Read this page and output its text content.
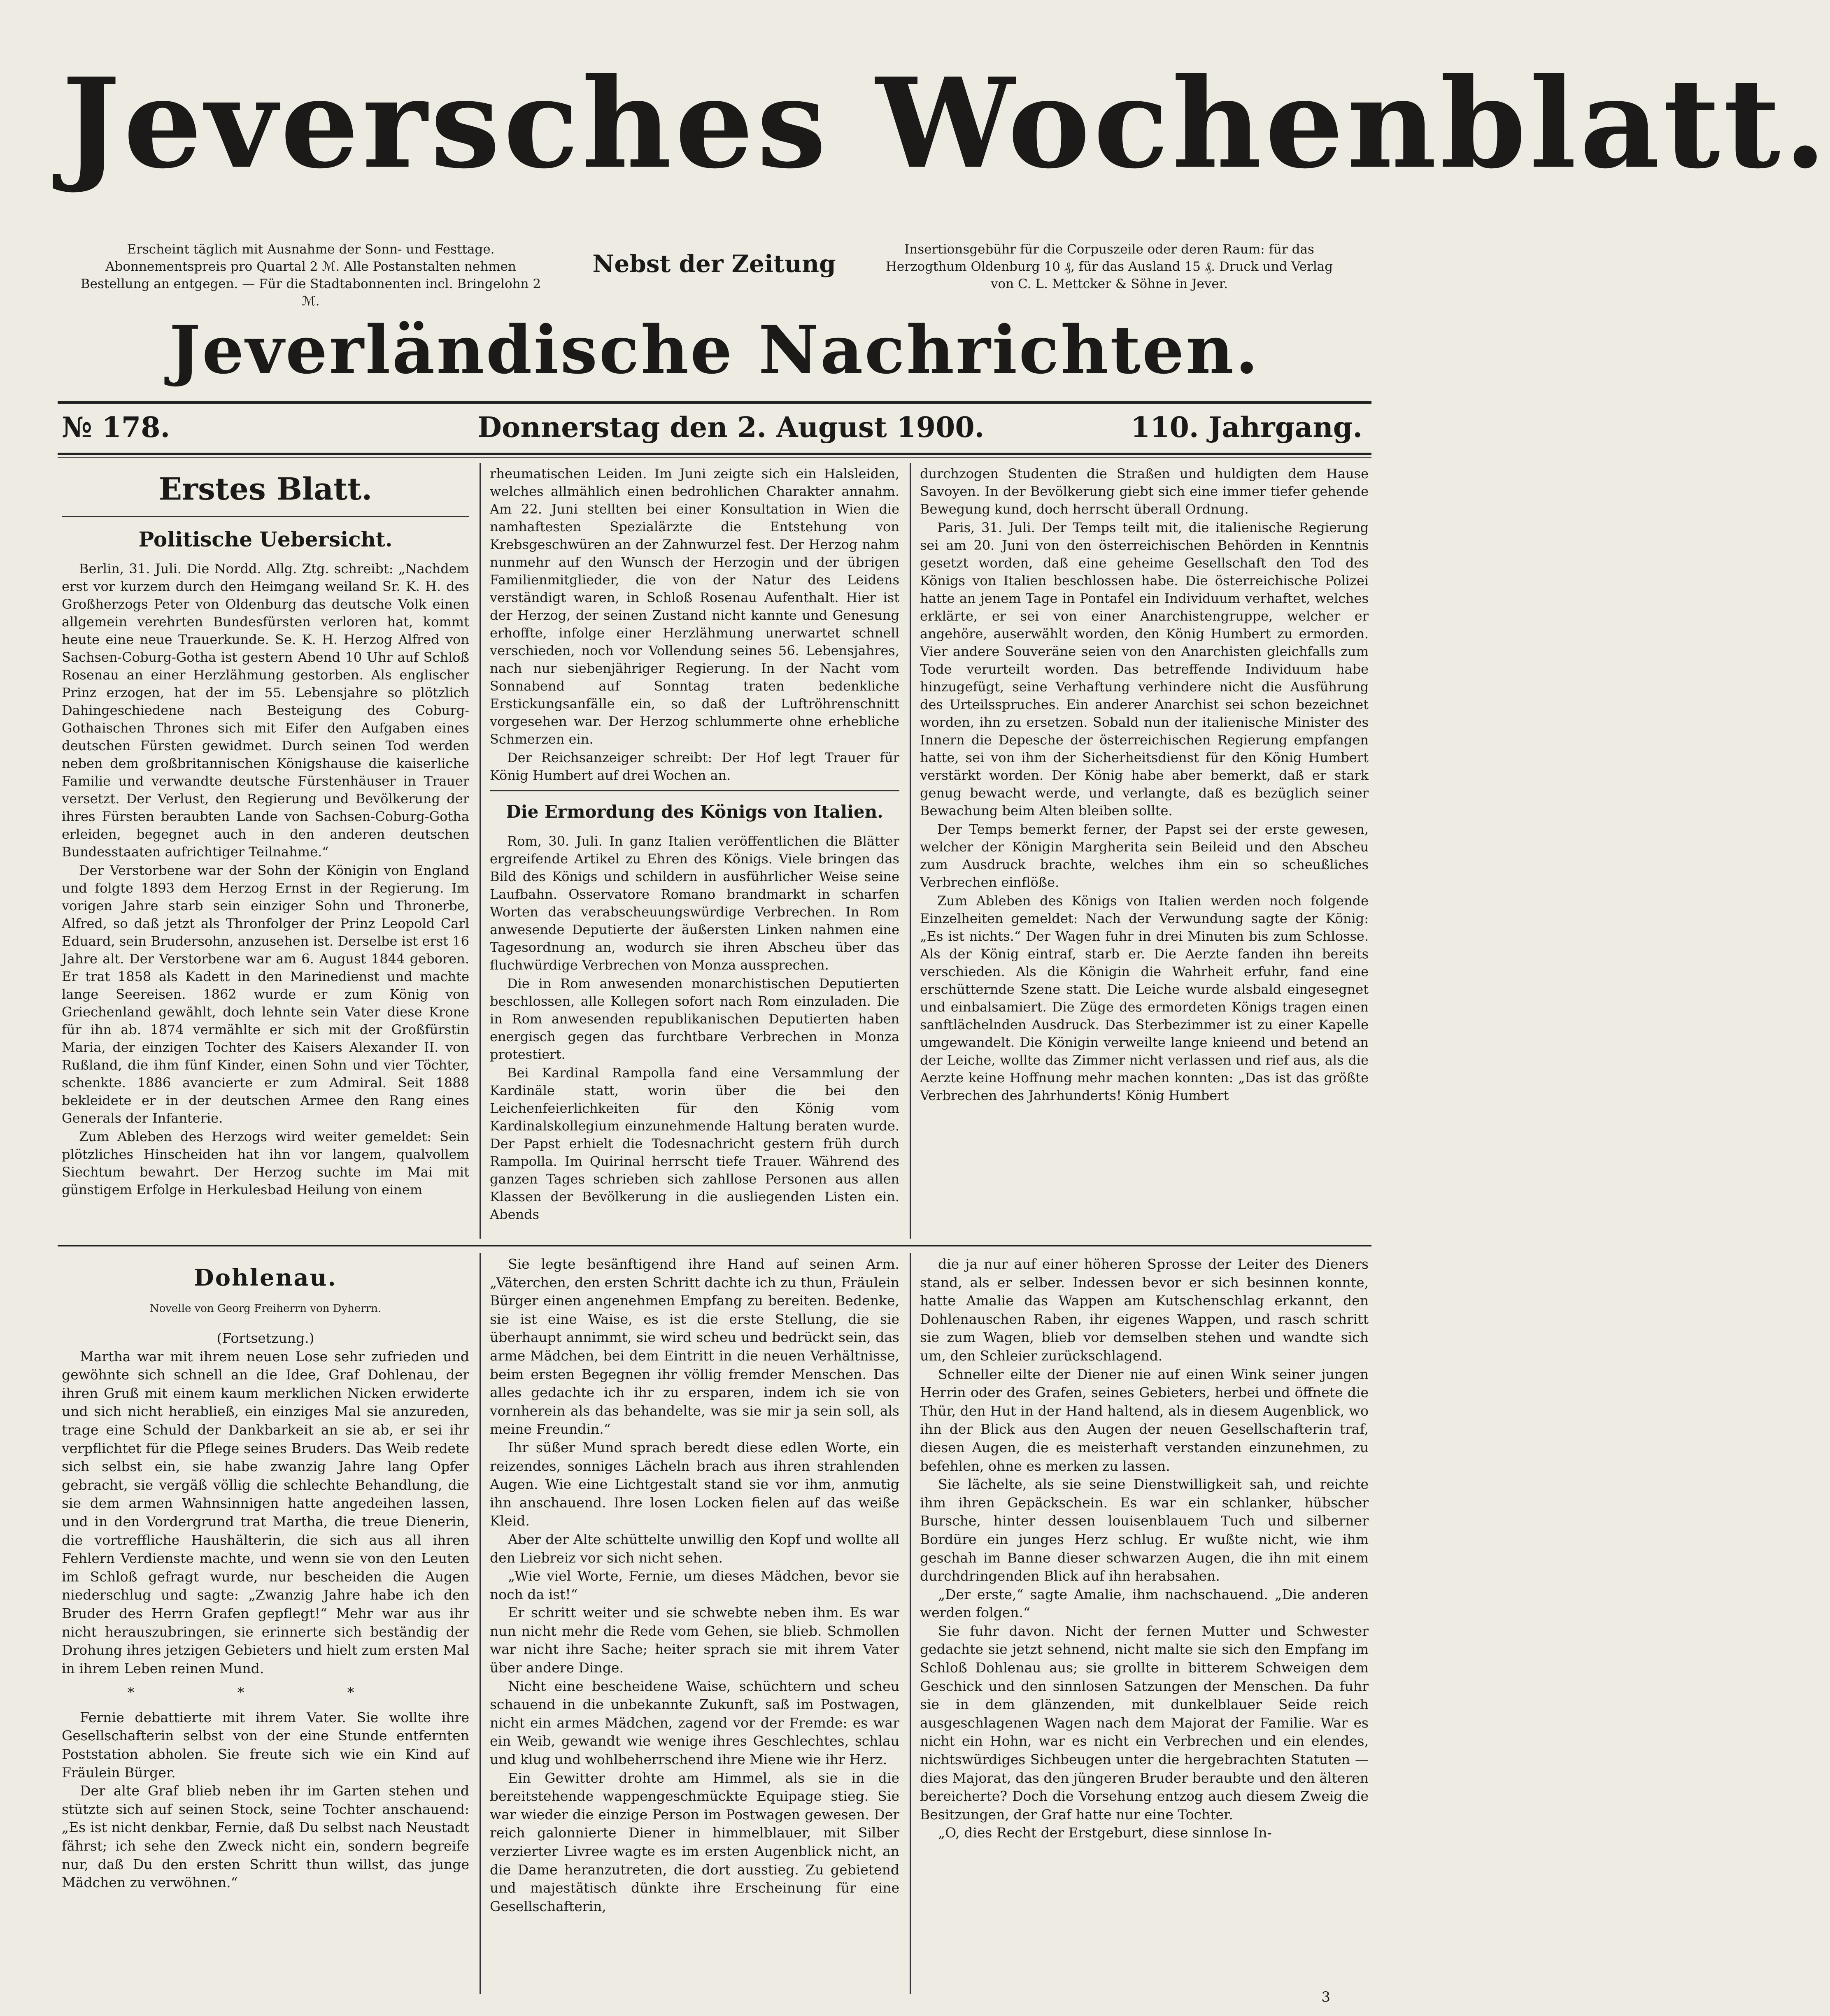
Jeversches Wochenblatt.
Erscheint täglich mit Ausnahme der Sonn- und Festtage. Abonnementspreis pro Quartal 2 ℳ. Alle Postanstalten nehmen Bestellung an entgegen. — Für die Stadtabonnenten incl. Bringelohn 2 ℳ.
Nebst der Zeitung
Insertionsgebühr für die Corpuszeile oder deren Raum: für das Herzogthum Oldenburg 10 ₰, für das Ausland 15 ₰. Druck und Verlag von C. L. Mettcker & Söhne in Jever.
Jeverländische Nachrichten.
№ 178.	Donnerstag den 2. August 1900.	110. Jahrgang.
Erstes Blatt.
Politische Uebersicht.

Berlin, 31. Juli. Die Nordd. Allg. Ztg. schreibt: „Nachdem erst vor kurzem durch den Heimgang weiland Sr. K. H. des Großherzogs Peter von Oldenburg das deutsche Volk einen allgemein verehrten Bundesfürsten verloren hat, kommt heute eine neue Trauerkunde. Se. K. H. Herzog Alfred von Sachsen-Coburg-Gotha ist gestern Abend 10 Uhr auf Schloß Rosenau an einer Herzlähmung gestorben. Als englischer Prinz erzogen, hat der im 55. Lebensjahre so plötzlich Dahingeschiedene nach Besteigung des Coburg-Gothaischen Thrones sich mit Eifer den Aufgaben eines deutschen Fürsten gewidmet. Durch seinen Tod werden neben dem großbritannischen Königshause die kaiserliche Familie und verwandte deutsche Fürstenhäuser in Trauer versetzt. Der Verlust, den Regierung und Bevölkerung der ihres Fürsten beraubten Lande von Sachsen-Coburg-Gotha erleiden, begegnet auch in den anderen deutschen Bundesstaaten aufrichtiger Teilnahme.“

Der Verstorbene war der Sohn der Königin von England und folgte 1893 dem Herzog Ernst in der Regierung. Im vorigen Jahre starb sein einziger Sohn und Thronerbe, Alfred, so daß jetzt als Thronfolger der Prinz Leopold Carl Eduard, sein Brudersohn, anzusehen ist. Derselbe ist erst 16 Jahre alt. Der Verstorbene war am 6. August 1844 geboren. Er trat 1858 als Kadett in den Marinedienst und machte lange Seereisen. 1862 wurde er zum König von Griechenland gewählt, doch lehnte sein Vater diese Krone für ihn ab. 1874 vermählte er sich mit der Großfürstin Maria, der einzigen Tochter des Kaisers Alexander II. von Rußland, die ihm fünf Kinder, einen Sohn und vier Töchter, schenkte. 1886 avancierte er zum Admiral. Seit 1888 bekleidete er in der deutschen Armee den Rang eines Generals der Infanterie.

Zum Ableben des Herzogs wird weiter gemeldet: Sein plötzliches Hinscheiden hat ihn vor langem, qualvollem Siechtum bewahrt. Der Herzog suchte im Mai mit günstigem Erfolge in Herkulesbad Heilung von einem

rheumatischen Leiden. Im Juni zeigte sich ein Halsleiden, welches allmählich einen bedrohlichen Charakter annahm. Am 22. Juni stellten bei einer Konsultation in Wien die namhaftesten Spezialärzte die Entstehung von Krebsgeschwüren an der Zahnwurzel fest. Der Herzog nahm nunmehr auf den Wunsch der Herzogin und der übrigen Familienmitglieder, die von der Natur des Leidens verständigt waren, in Schloß Rosenau Aufenthalt. Hier ist der Herzog, der seinen Zustand nicht kannte und Genesung erhoffte, infolge einer Herzlähmung unerwartet schnell verschieden, noch vor Vollendung seines 56. Lebensjahres, nach nur siebenjähriger Regierung. In der Nacht vom Sonnabend auf Sonntag traten bedenkliche Erstickungsanfälle ein, so daß der Luftröhrenschnitt vorgesehen war. Der Herzog schlummerte ohne erhebliche Schmerzen ein.

Der Reichsanzeiger schreibt: Der Hof legt Trauer für König Humbert auf drei Wochen an.

Die Ermordung des Königs von Italien.

Rom, 30. Juli. In ganz Italien veröffentlichen die Blätter ergreifende Artikel zu Ehren des Königs. Viele bringen das Bild des Königs und schildern in ausführlicher Weise seine Laufbahn. Osservatore Romano brandmarkt in scharfen Worten das verabscheuungswürdige Verbrechen. In Rom anwesende Deputierte der äußersten Linken nahmen eine Tagesordnung an, wodurch sie ihren Abscheu über das fluchwürdige Verbrechen von Monza aussprechen.

Die in Rom anwesenden monarchistischen Deputierten beschlossen, alle Kollegen sofort nach Rom einzuladen. Die in Rom anwesenden republikanischen Deputierten haben energisch gegen das furchtbare Verbrechen in Monza protestiert.

Bei Kardinal Rampolla fand eine Versammlung der Kardinäle statt, worin über die bei den Leichenfeierlichkeiten für den König vom Kardinalskollegium einzunehmende Haltung beraten wurde. Der Papst erhielt die Todesnachricht gestern früh durch Rampolla. Im Quirinal herrscht tiefe Trauer. Während des ganzen Tages schrieben sich zahllose Personen aus allen Klassen der Bevölkerung in die ausliegenden Listen ein. Abends

durchzogen Studenten die Straßen und huldigten dem Hause Savoyen. In der Bevölkerung giebt sich eine immer tiefer gehende Bewegung kund, doch herrscht überall Ordnung.

Paris, 31. Juli. Der Temps teilt mit, die italienische Regierung sei am 20. Juni von den österreichischen Behörden in Kenntnis gesetzt worden, daß eine geheime Gesellschaft den Tod des Königs von Italien beschlossen habe. Die österreichische Polizei hatte an jenem Tage in Pontafel ein Individuum verhaftet, welches erklärte, er sei von einer Anarchistengruppe, welcher er angehöre, auserwählt worden, den König Humbert zu ermorden. Vier andere Souveräne seien von den Anarchisten gleichfalls zum Tode verurteilt worden. Das betreffende Individuum habe hinzugefügt, seine Verhaftung verhindere nicht die Ausführung des Urteilsspruches. Ein anderer Anarchist sei schon bezeichnet worden, ihn zu ersetzen. Sobald nun der italienische Minister des Innern die Depesche der österreichischen Regierung empfangen hatte, sei von ihm der Sicherheitsdienst für den König Humbert verstärkt worden. Der König habe aber bemerkt, daß er stark genug bewacht werde, und verlangte, daß es bezüglich seiner Bewachung beim Alten bleiben sollte.

Der Temps bemerkt ferner, der Papst sei der erste gewesen, welcher der Königin Margherita sein Beileid und den Abscheu zum Ausdruck brachte, welches ihm ein so scheußliches Verbrechen einflöße.

Zum Ableben des Königs von Italien werden noch folgende Einzelheiten gemeldet: Nach der Verwundung sagte der König: „Es ist nichts.“ Der Wagen fuhr in drei Minuten bis zum Schlosse. Als der König eintraf, starb er. Die Aerzte fanden ihn bereits verschieden. Als die Königin die Wahrheit erfuhr, fand eine erschütternde Szene statt. Die Leiche wurde alsbald eingesegnet und einbalsamiert. Die Züge des ermordeten Königs tragen einen sanftlächelnden Ausdruck. Das Sterbezimmer ist zu einer Kapelle umgewandelt. Die Königin verweilte lange knieend und betend an der Leiche, wollte das Zimmer nicht verlassen und rief aus, als die Aerzte keine Hoffnung mehr machen konnten: „Das ist das größte Verbrechen des Jahrhunderts! König Humbert

Dohlenau.
Novelle von Georg Freiherrn von Dyherrn.
(Fortsetzung.)

Martha war mit ihrem neuen Lose sehr zufrieden und gewöhnte sich schnell an die Idee, Graf Dohlenau, der ihren Gruß mit einem kaum merklichen Nicken erwiderte und sich nicht herabließ, ein einziges Mal sie anzureden, trage eine Schuld der Dankbarkeit an sie ab, er sei ihr verpflichtet für die Pflege seines Bruders. Das Weib redete sich selbst ein, sie habe zwanzig Jahre lang Opfer gebracht, sie vergäß völlig die schlechte Behandlung, die sie dem armen Wahnsinnigen hatte angedeihen lassen, und in den Vordergrund trat Martha, die treue Dienerin, die vortreffliche Haushälterin, die sich aus all ihren Fehlern Verdienste machte, und wenn sie von den Leuten im Schloß gefragt wurde, nur bescheiden die Augen niederschlug und sagte: „Zwanzig Jahre habe ich den Bruder des Herrn Grafen gepflegt!“ Mehr war aus ihr nicht herauszubringen, sie erinnerte sich beständig der Drohung ihres jetzigen Gebieters und hielt zum ersten Mal in ihrem Leben reinen Mund.

* * *

Fernie debattierte mit ihrem Vater. Sie wollte ihre Gesellschafterin selbst von der eine Stunde entfernten Poststation abholen. Sie freute sich wie ein Kind auf Fräulein Bürger.

Der alte Graf blieb neben ihr im Garten stehen und stützte sich auf seinen Stock, seine Tochter anschauend: „Es ist nicht denkbar, Fernie, daß Du selbst nach Neustadt fährst; ich sehe den Zweck nicht ein, sondern begreife nur, daß Du den ersten Schritt thun willst, das junge Mädchen zu verwöhnen.“

Sie legte besänftigend ihre Hand auf seinen Arm. „Väterchen, den ersten Schritt dachte ich zu thun, Fräulein Bürger einen angenehmen Empfang zu bereiten. Bedenke, sie ist eine Waise, es ist die erste Stellung, die sie überhaupt annimmt, sie wird scheu und bedrückt sein, das arme Mädchen, bei dem Eintritt in die neuen Verhältnisse, beim ersten Begegnen ihr völlig fremder Menschen. Das alles gedachte ich ihr zu ersparen, indem ich sie von vornherein als das behandelte, was sie mir ja sein soll, als meine Freundin.“

Ihr süßer Mund sprach beredt diese edlen Worte, ein reizendes, sonniges Lächeln brach aus ihren strahlenden Augen. Wie eine Lichtgestalt stand sie vor ihm, anmutig ihn anschauend. Ihre losen Locken fielen auf das weiße Kleid.

Aber der Alte schüttelte unwillig den Kopf und wollte all den Liebreiz vor sich nicht sehen.

„Wie viel Worte, Fernie, um dieses Mädchen, bevor sie noch da ist!“

Er schritt weiter und sie schwebte neben ihm. Es war nun nicht mehr die Rede vom Gehen, sie blieb. Schmollen war nicht ihre Sache; heiter sprach sie mit ihrem Vater über andere Dinge.

Nicht eine bescheidene Waise, schüchtern und scheu schauend in die unbekannte Zukunft, saß im Postwagen, nicht ein armes Mädchen, zagend vor der Fremde: es war ein Weib, gewandt wie wenige ihres Geschlechtes, schlau und klug und wohlbeherrschend ihre Miene wie ihr Herz.

Ein Gewitter drohte am Himmel, als sie in die bereitstehende wappengeschmückte Equipage stieg. Sie war wieder die einzige Person im Postwagen gewesen. Der reich galonnierte Diener in himmelblauer, mit Silber verzierter Livree wagte es im ersten Augenblick nicht, an die Dame heranzutreten, die dort ausstieg. Zu gebietend und majestätisch dünkte ihre Erscheinung für eine Gesellschafterin,

die ja nur auf einer höheren Sprosse der Leiter des Dieners stand, als er selber. Indessen bevor er sich besinnen konnte, hatte Amalie das Wappen am Kutschenschlag erkannt, den Dohlenauschen Raben, ihr eigenes Wappen, und rasch schritt sie zum Wagen, blieb vor demselben stehen und wandte sich um, den Schleier zurückschlagend.

Schneller eilte der Diener nie auf einen Wink seiner jungen Herrin oder des Grafen, seines Gebieters, herbei und öffnete die Thür, den Hut in der Hand haltend, als in diesem Augenblick, wo ihn der Blick aus den Augen der neuen Gesellschafterin traf, diesen Augen, die es meisterhaft verstanden einzunehmen, zu befehlen, ohne es merken zu lassen.

Sie lächelte, als sie seine Dienstwilligkeit sah, und reichte ihm ihren Gepäckschein. Es war ein schlanker, hübscher Bursche, hinter dessen louisenblauem Tuch und silberner Bordüre ein junges Herz schlug. Er wußte nicht, wie ihm geschah im Banne dieser schwarzen Augen, die ihn mit einem durchdringenden Blick auf ihn herabsahen.

„Der erste,“ sagte Amalie, ihm nachschauend. „Die anderen werden folgen.“

Sie fuhr davon. Nicht der fernen Mutter und Schwester gedachte sie jetzt sehnend, nicht malte sie sich den Empfang im Schloß Dohlenau aus; sie grollte in bitterem Schweigen dem Geschick und den sinnlosen Satzungen der Menschen. Da fuhr sie in dem glänzenden, mit dunkelblauer Seide reich ausgeschlagenen Wagen nach dem Majorat der Familie. War es nicht ein Hohn, war es nicht ein Verbrechen und ein elendes, nichtswürdiges Sichbeugen unter die hergebrachten Statuten — dies Majorat, das den jüngeren Bruder beraubte und den älteren bereicherte? Doch die Vorsehung entzog auch diesem Zweig die Besitzungen, der Graf hatte nur eine Tochter.

„O, dies Recht der Erstgeburt, diese sinnlose In-

3
